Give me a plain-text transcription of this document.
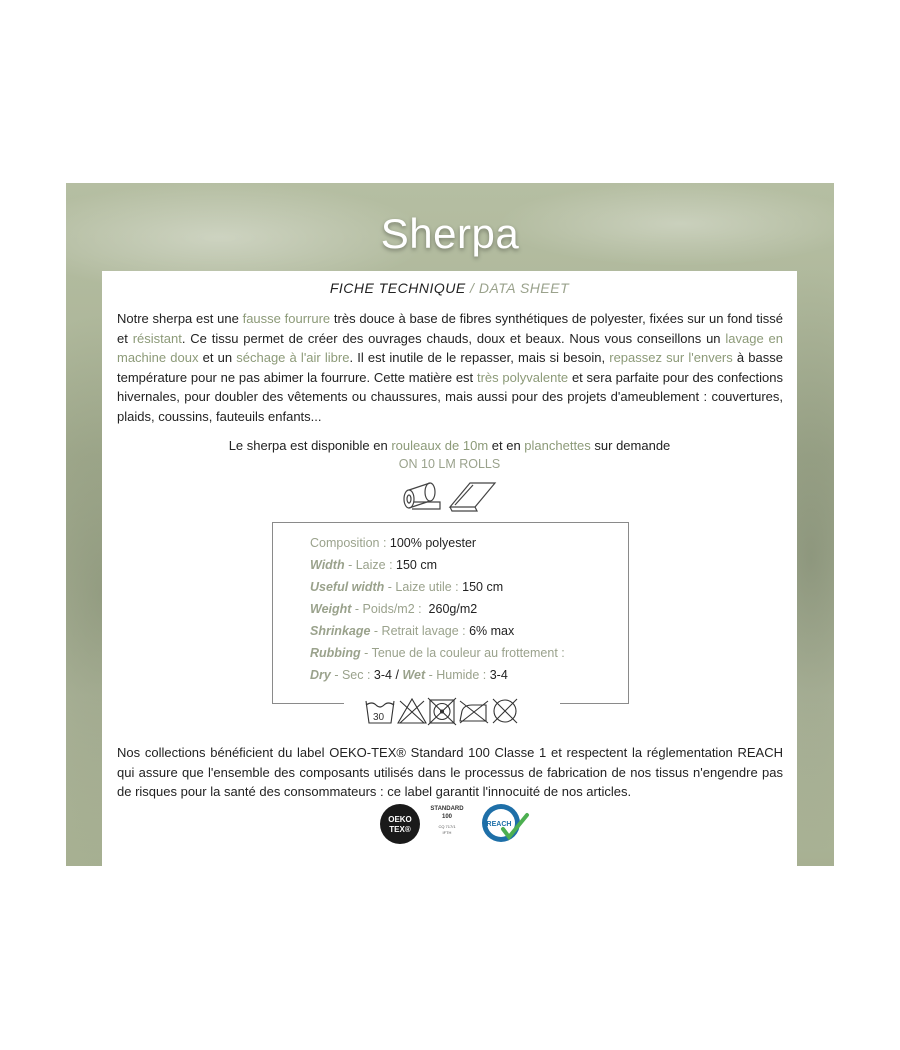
Sherpa
FICHE TECHNIQUE / DATA SHEET
Notre sherpa est une fausse fourrure très douce à base de fibres synthétiques de polyester, fixées sur un fond tissé et résistant. Ce tissu permet de créer des ouvrages chauds, doux et beaux. Nous vous conseillons un lavage en machine doux et un séchage à l'air libre. Il est inutile de le repasser, mais si besoin, repassez sur l'envers à basse température pour ne pas abimer la fourrure. Cette matière est très polyvalente et sera parfaite pour des confections hivernales, pour doubler des vêtements ou chaussures, mais aussi pour des projets d'ameublement : couvertures, plaids, coussins, fauteuils enfants...
Le sherpa est disponible en rouleaux de 10m et en planchettes sur demande
ON 10 LM ROLLS
Composition : 100% polyester
Width - Laize : 150 cm
Useful width - Laize utile : 150 cm
Weight - Poids/m2 :  260g/m2
Shrinkage - Retrait lavage : 6% max
Rubbing - Tenue de la couleur au frottement :
Dry - Sec : 3-4 / Wet - Humide : 3-4
30
Nos collections bénéficient du label OEKO-TEX® Standard 100 Classe 1 et respectent la réglementation REACH qui assure que l'ensemble des composants utilisés dans le processus de fabrication de nos tissus n'engendre pas de risques pour la santé des consommateurs : ce label garantit l'innocuité de nos articles.
OEKO
TEX®
STANDARD
100
CQ 717/1
IFTH
REACH
